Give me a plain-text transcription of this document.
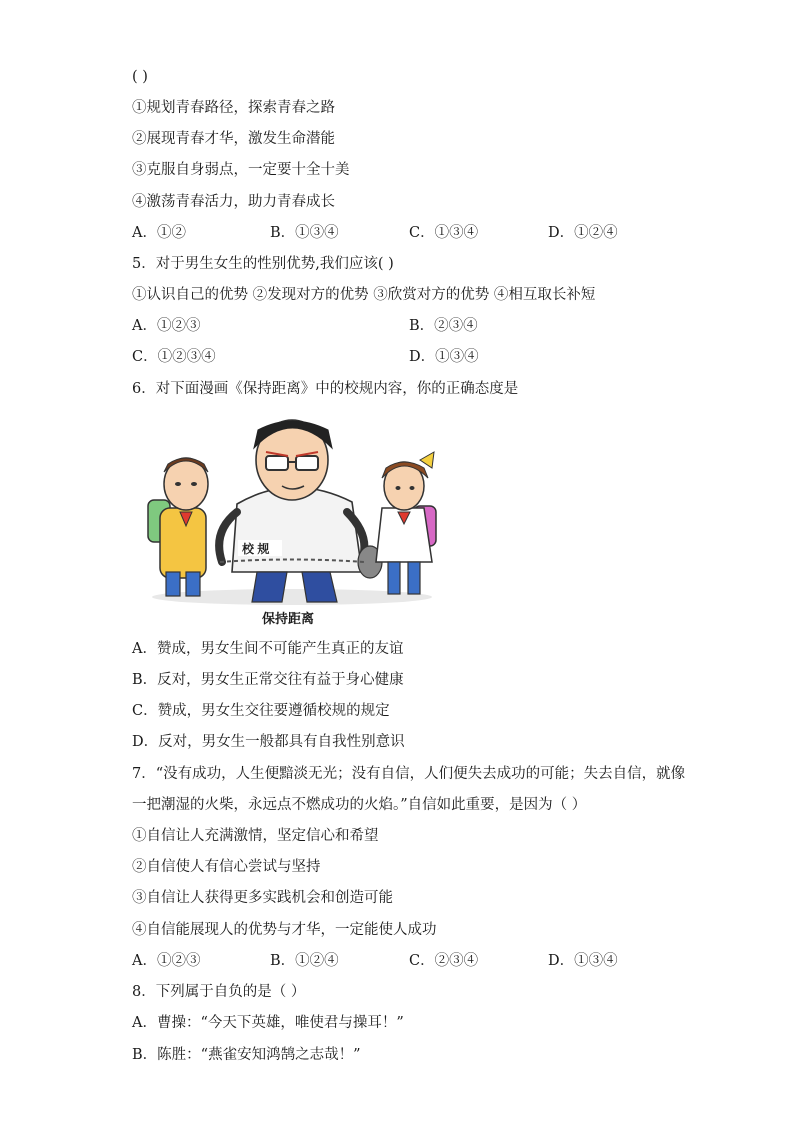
( )
①规划青春路径，探索青春之路
②展现青春才华，激发生命潜能
③克服自身弱点，一定要十全十美
④激荡青春活力，助力青春成长
A．①②	B．①③④	C．①③④	D．①②④
5．对于男生女生的性别优势,我们应该( )
①认识自己的优势 ②发现对方的优势 ③欣赏对方的优势 ④相互取长补短
A．①②③	B．②③④
C．①②③④	D．①③④
6．对下面漫画《保持距离》中的校规内容，你的正确态度是
校 规
保持距离
A．赞成，男女生间不可能产生真正的友谊
B．反对，男女生正常交往有益于身心健康
C．赞成，男女生交往要遵循校规的规定
D．反对，男女生一般都具有自我性别意识
7．“没有成功，人生便黯淡无光；没有自信，人们便失去成功的可能；失去自信，就像
一把潮湿的火柴，永远点不燃成功的火焰。”自信如此重要，是因为（ ）
①自信让人充满激情，坚定信心和希望
②自信使人有信心尝试与坚持
③自信让人获得更多实践机会和创造可能
④自信能展现人的优势与才华，一定能使人成功
A．①②③	B．①②④	C．②③④	D．①③④
8．下列属于自负的是（ ）
A．曹操：“今天下英雄，唯使君与操耳！”
B．陈胜：“燕雀安知鸿鹄之志哉！”
